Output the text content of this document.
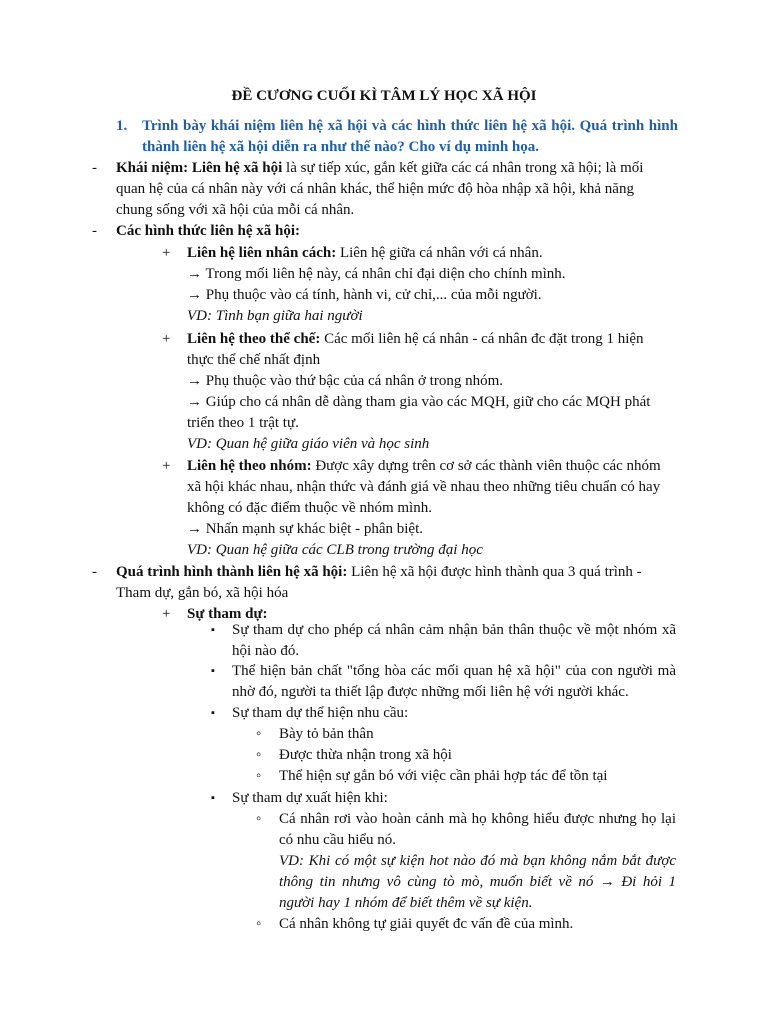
ĐỀ CƯƠNG CUỐI KÌ TÂM LÝ HỌC XÃ HỘI
1. Trình bày khái niệm liên hệ xã hội và các hình thức liên hệ xã hội. Quá trình hình thành liên hệ xã hội diễn ra như thế nào? Cho ví dụ minh họa.
- Khái niệm: Liên hệ xã hội là sự tiếp xúc, gắn kết giữa các cá nhân trong xã hội; là mối
quan hệ của cá nhân này với cá nhân khác, thể hiện mức độ hòa nhập xã hội, khả năng
chung sống với xã hội của mỗi cá nhân.
- Các hình thức liên hệ xã hội:
+ Liên hệ liên nhân cách: Liên hệ giữa cá nhân với cá nhân.
→ Trong mối liên hệ này, cá nhân chỉ đại diện cho chính mình.
→ Phụ thuộc vào cá tính, hành vi, cử chỉ,... của mỗi người.
VD: Tình bạn giữa hai người
+ Liên hệ theo thể chế: Các mối liên hệ cá nhân - cá nhân đc đặt trong 1 hiện
thực thể chế nhất định
→ Phụ thuộc vào thứ bậc của cá nhân ở trong nhóm.
→ Giúp cho cá nhân dễ dàng tham gia vào các MQH, giữ cho các MQH phát
triển theo 1 trật tự.
VD: Quan hệ giữa giáo viên và học sinh
+ Liên hệ theo nhóm: Được xây dựng trên cơ sở các thành viên thuộc các nhóm
xã hội khác nhau, nhận thức và đánh giá về nhau theo những tiêu chuẩn có hay
không có đặc điểm thuộc về nhóm mình.
→ Nhấn mạnh sự khác biệt - phân biệt.
VD: Quan hệ giữa các CLB trong trường đại học
- Quá trình hình thành liên hệ xã hội: Liên hệ xã hội được hình thành qua 3 quá trình -
Tham dự, gắn bó, xã hội hóa
+ Sự tham dự:
▪ Sự tham dự cho phép cá nhân cảm nhận bản thân thuộc về một nhóm xã hội nào đó.
▪ Thể hiện bản chất "tổng hòa các mối quan hệ xã hội" của con người mà nhờ đó, người ta thiết lập được những mối liên hệ với người khác.
▪ Sự tham dự thể hiện nhu cầu:
◦ Bày tỏ bản thân
◦ Được thừa nhận trong xã hội
◦ Thể hiện sự gắn bó với việc cần phải hợp tác để tồn tại
▪ Sự tham dự xuất hiện khi:
◦ Cá nhân rơi vào hoàn cảnh mà họ không hiểu được nhưng họ lại có nhu cầu hiểu nó.
VD: Khi có một sự kiện hot nào đó mà bạn không nắm bắt được thông tin nhưng vô cùng tò mò, muốn biết về nó → Đi hỏi 1 người hay 1 nhóm để biết thêm về sự kiện.
◦ Cá nhân không tự giải quyết đc vấn đề của mình.
